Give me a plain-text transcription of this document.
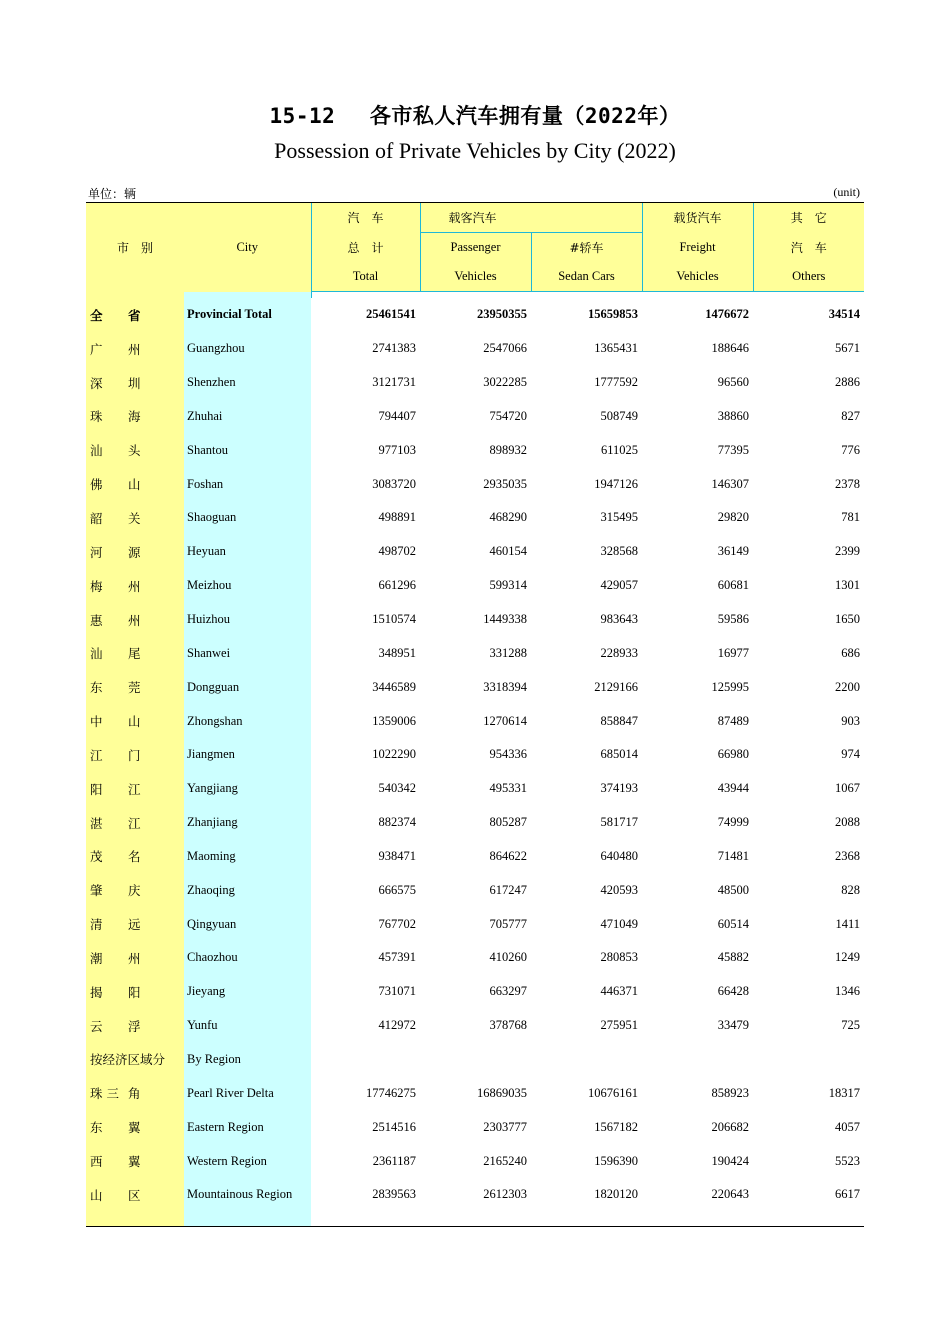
15-12　 各市私人汽车拥有量（2022年）
Possession of Private Vehicles by City (2022)
单位：辆	(unit)
市　别	City	汽　车	载客汽车		载货汽车	其　它
		总　计	Passenger	#轿车	Freight	汽　车
		Total	Vehicles	Sedan Cars	Vehicles	Others

全 省	Provincial Total	25461541	23950355	15659853	1476672	34514
广 州	Guangzhou	2741383	2547066	1365431	188646	5671
深 圳	Shenzhen	3121731	3022285	1777592	96560	2886
珠 海	Zhuhai	794407	754720	508749	38860	827
汕 头	Shantou	977103	898932	611025	77395	776
佛 山	Foshan	3083720	2935035	1947126	146307	2378
韶 关	Shaoguan	498891	468290	315495	29820	781
河 源	Heyuan	498702	460154	328568	36149	2399
梅 州	Meizhou	661296	599314	429057	60681	1301
惠 州	Huizhou	1510574	1449338	983643	59586	1650
汕 尾	Shanwei	348951	331288	228933	16977	686
东 莞	Dongguan	3446589	3318394	2129166	125995	2200
中 山	Zhongshan	1359006	1270614	858847	87489	903
江 门	Jiangmen	1022290	954336	685014	66980	974
阳 江	Yangjiang	540342	495331	374193	43944	1067
湛 江	Zhanjiang	882374	805287	581717	74999	2088
茂 名	Maoming	938471	864622	640480	71481	2368
肇 庆	Zhaoqing	666575	617247	420593	48500	828
清 远	Qingyuan	767702	705777	471049	60514	1411
潮 州	Chaozhou	457391	410260	280853	45882	1249
揭 阳	Jieyang	731071	663297	446371	66428	1346
云 浮	Yunfu	412972	378768	275951	33479	725
按经济区域分	By Region					
珠 三 角	Pearl River Delta	17746275	16869035	10676161	858923	18317
东 翼	Eastern Region	2514516	2303777	1567182	206682	4057
西 翼	Western Region	2361187	2165240	1596390	190424	5523
山 区	Mountainous Region	2839563	2612303	1820120	220643	6617
